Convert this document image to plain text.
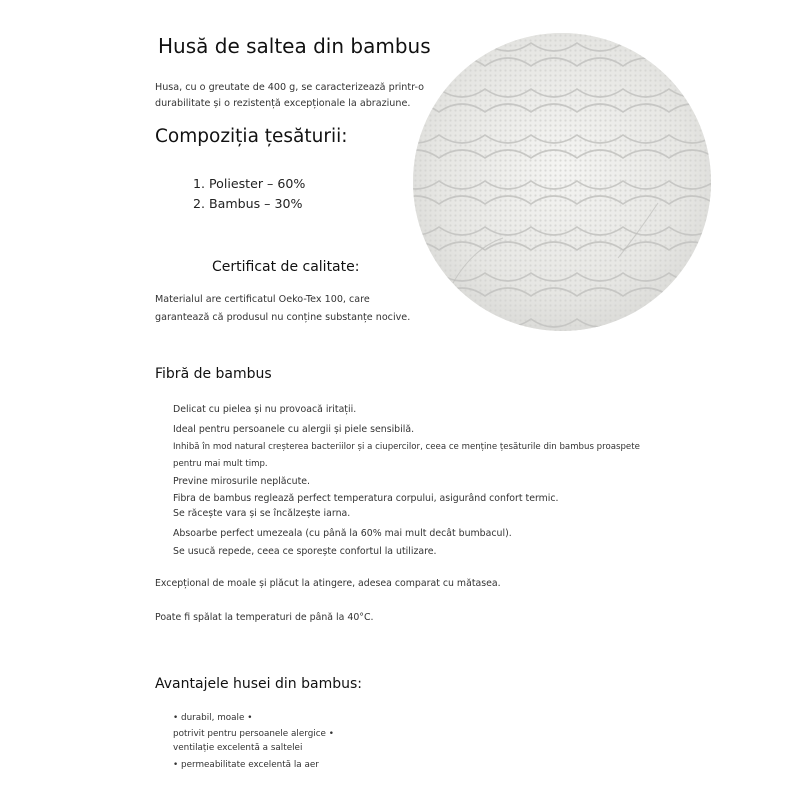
Husă de saltea din bambus
Husa, cu o greutate de 400 g, se caracterizează printr-o
durabilitate și o rezistență excepționale la abraziune.
Compoziția țesăturii:
1. Poliester – 60%
2. Bambus – 30%
Certificat de calitate:
Materialul are certificatul Oeko-Tex 100, care
garantează că produsul nu conține substanțe nocive.
Fibră de bambus
Delicat cu pielea și nu provoacă iritații.
Ideal pentru persoanele cu alergii și piele sensibilă.
Inhibă în mod natural creșterea bacteriilor și a ciupercilor, ceea ce menține țesăturile din bambus proaspete
pentru mai mult timp.
Previne mirosurile neplăcute.
Fibra de bambus reglează perfect temperatura corpului, asigurând confort termic.
Se răcește vara și se încălzește iarna.
Absoarbe perfect umezeala (cu până la 60% mai mult decât bumbacul).
Se usucă repede, ceea ce sporește confortul la utilizare.
Excepțional de moale și plăcut la atingere, adesea comparat cu mătasea.
Poate fi spălat la temperaturi de până la 40°C.
Avantajele husei din bambus:
• durabil, moale •
potrivit pentru persoanele alergice •
ventilație excelentă a saltelei
• permeabilitate excelentă la aer
